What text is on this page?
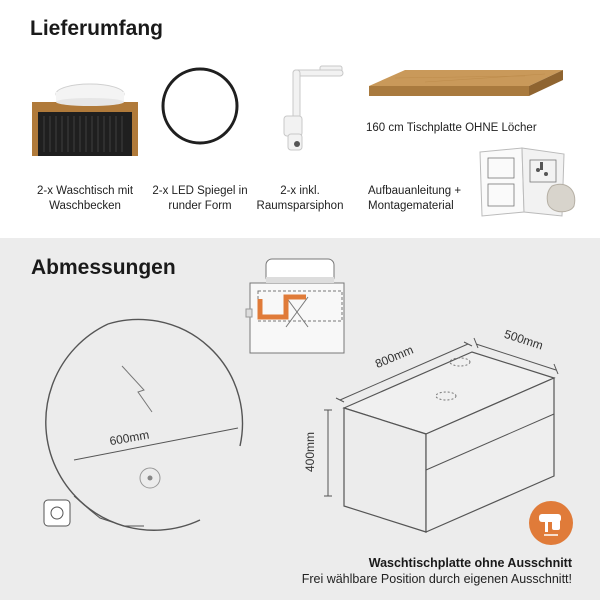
Lieferumfang
2-x Waschtisch mit
Waschbecken
2-x LED Spiegel in
runder Form
2-x inkl.
Raumsparsiphon
160 cm Tischplatte OHNE Löcher
Aufbauanleitung +
Montagematerial
Abmessungen
600mm
800mm
500mm
400mm
Waschtischplatte ohne Ausschnitt
Frei wählbare Position durch eigenen Ausschnitt!
